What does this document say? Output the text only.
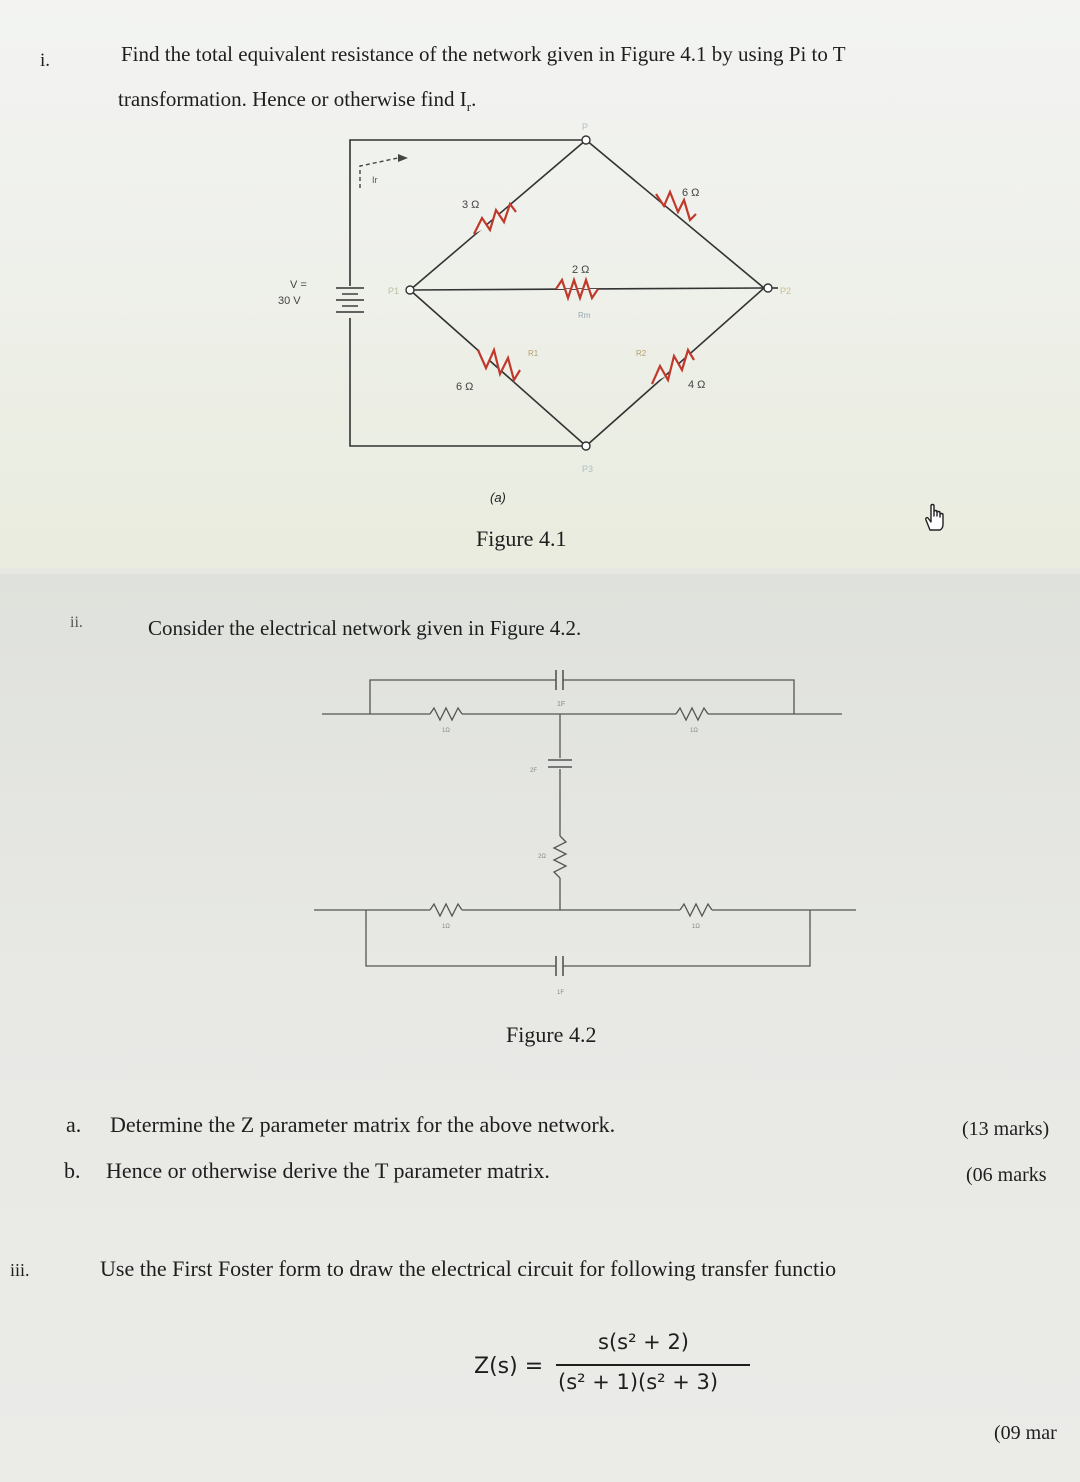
i.	Find the total equivalent resistance of the network given in Figure 4.1 by using Pi to T
transformation. Hence or otherwise find $I_r$.
V =
30 V
Ir
3 Ω
6 Ω
2 Ω
6 Ω	4 Ω
P
P1	P2
P3
Rm
R1	R2
(a)
Figure 4.1
ii.	Consider the electrical network given in Figure 4.2.
1F
2F
2Ω
1F
1Ω	1Ω
1Ω	1Ω
Figure 4.2
a. Determine the Z parameter matrix for the above network.	(13 marks)
b. Hence or otherwise derive the T parameter matrix.	(06 marks
iii.	Use the First Foster form to draw the electrical circuit for following transfer functio
Z(s) =
s(s² + 2)
(s² + 1)(s² + 3)
(09 mar
